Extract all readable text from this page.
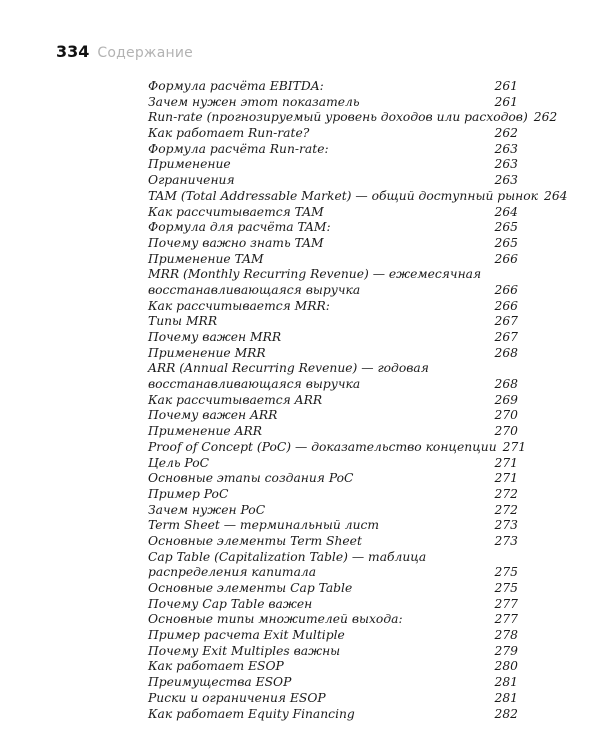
334 Содержание
Формула расчёта EBITDA:	261
Зачем нужен этот показатель	261
Run-rate (прогнозируемый уровень доходов или расходов) 262
Как работает Run-rate?	262
Формула расчёта Run-rate:	263
Применение	263
Ограничения	263
TAM (Total Addressable Market) — общий доступный рынок 264
Как рассчитывается TAM	264
Формула для расчёта TAM:	265
Почему важно знать TAM	265
Применение TAM	266
MRR (Monthly Recurring Revenue) — ежемесячная
восстанавливающаяся выручка	266
Как рассчитывается MRR:	266
Типы MRR	267
Почему важен MRR	267
Применение MRR	268
ARR (Annual Recurring Revenue) — годовая
восстанавливающаяся выручка	268
Как рассчитывается ARR	269
Почему важен ARR	270
Применение ARR	270
Proof of Concept (PoC) — доказательство концепции 271
Цель PoC	271
Основные этапы создания PoC	271
Пример PoC	272
Зачем нужен PoC	272
Term Sheet — терминальный лист	273
Основные элементы Term Sheet	273
Cap Table (Capitalization Table) — таблица
распределения капитала	275
Основные элементы Cap Table	275
Почему Cap Table важен	277
Основные типы множителей выхода:	277
Пример расчета Exit Multiple	278
Почему Exit Multiples важны	279
Как работает ESOP	280
Преимущества ESOP	281
Риски и ограничения ESOP	281
Как работает Equity Financing	282
